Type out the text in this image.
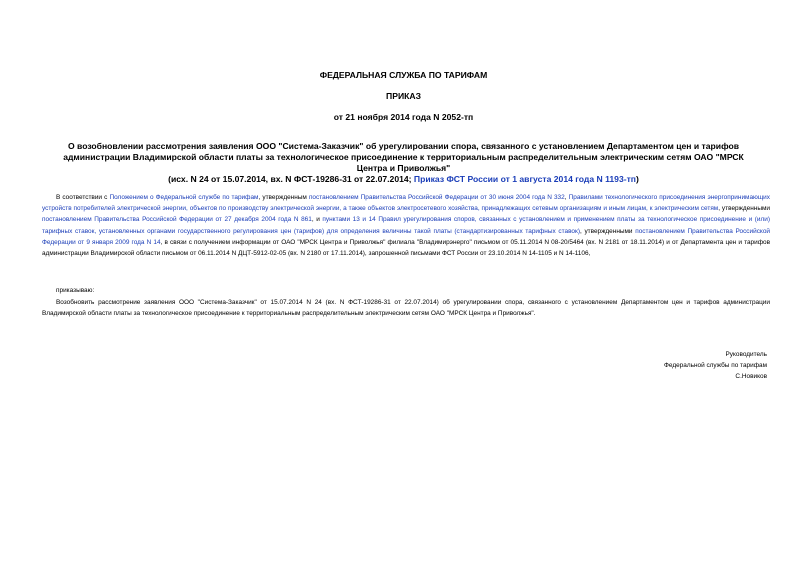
ФЕДЕРАЛЬНАЯ СЛУЖБА ПО ТАРИФАМ
ПРИКАЗ
от 21 ноября 2014 года N 2052-тп
О возобновлении рассмотрения заявления ООО "Система-Заказчик" об урегулировании спора, связанного с установлением Департаментом цен и тарифов администрации Владимирской области платы за технологическое присоединение к территориальным распределительным электрическим сетям ОАО "МРСК Центра и Приволжья"
(исх. N 24 от 15.07.2014, вх. N ФСТ-19286-31 от 22.07.2014; Приказ ФСТ России от 1 августа 2014 года N 1193-тп)
В соответствии с Положением о Федеральной службе по тарифам, утвержденным постановлением Правительства Российской Федерации от 30 июня 2004 года N 332, Правилами технологического присоединения энергопринимающих устройств потребителей электрической энергии, объектов по производству электрической энергии, а также объектов электросетевого хозяйства, принадлежащих сетевым организациям и иным лицам, к электрическим сетям, утвержденными постановлением Правительства Российской Федерации от 27 декабря 2004 года N 861, и пунктами 13 и 14 Правил урегулирования споров, связанных с установлением и применением платы за технологическое присоединение и (или) тарифных ставок, установленных органами государственного регулирования цен (тарифов) для определения величины такой платы (стандартизированных тарифных ставок), утвержденными постановлением Правительства Российской Федерации от 9 января 2009 года N 14, в связи с получением информации от ОАО "МРСК Центра и Приволжья" филиала "Владимирэнерго" письмом от 05.11.2014 N 08-20/5464 (вх. N 2181 от 18.11.2014) и от Департамента цен и тарифов администрации Владимирской области письмом от 06.11.2014 N ДЦТ-5912-02-05 (вх. N 2180 от 17.11.2014), запрошенной письмами ФСТ России от 23.10.2014 N 14-1105 и N 14-1106,
приказываю:
Возобновить рассмотрение заявления ООО "Система-Заказчик" от 15.07.2014 N 24 (вх. N ФСТ-19286-31 от 22.07.2014) об урегулировании спора, связанного с установлением Департаментом цен и тарифов администрации Владимирской области платы за технологическое присоединение к территориальным распределительным электрическим сетям ОАО "МРСК Центра и Приволжья".
Руководитель
Федеральной службы по тарифам
С.Новиков
